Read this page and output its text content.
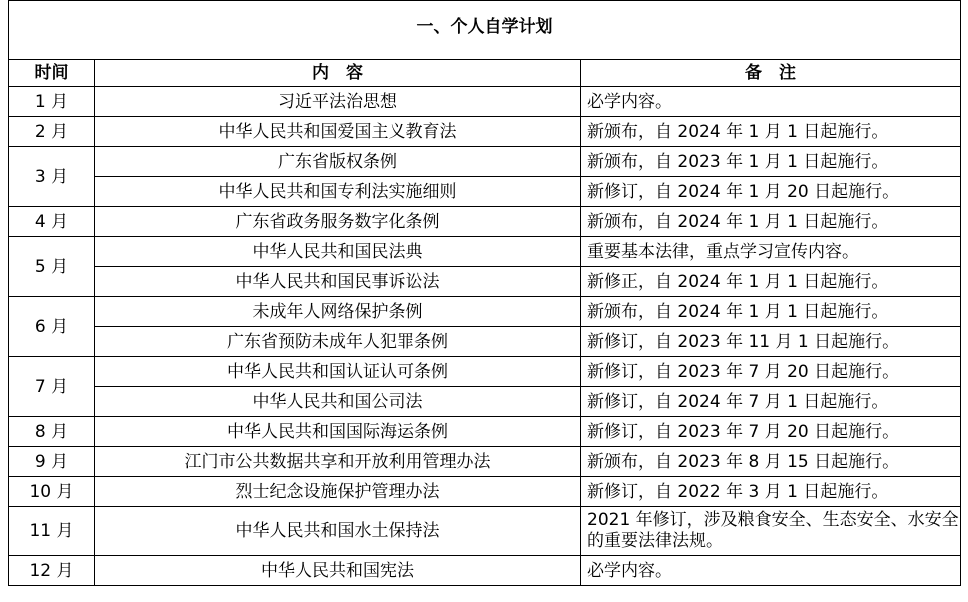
一、个人自学计划		
时间	内　容	备　注
1 月	习近平法治思想	必学内容。
2 月	中华人民共和国爱国主义教育法	新颁布，自 2024 年 1 月 1 日起施行。
3 月	广东省版权条例	新颁布，自 2023 年 1 月 1 日起施行。
	中华人民共和国专利法实施细则	新修订，自 2024 年 1 月 20 日起施行。
4 月	广东省政务服务数字化条例	新颁布，自 2024 年 1 月 1 日起施行。
5 月	中华人民共和国民法典	重要基本法律，重点学习宣传内容。
	中华人民共和国民事诉讼法	新修正，自 2024 年 1 月 1 日起施行。
6 月	未成年人网络保护条例	新颁布，自 2024 年 1 月 1 日起施行。
	广东省预防未成年人犯罪条例	新修订，自 2023 年 11 月 1 日起施行。
7 月	中华人民共和国认证认可条例	新修订，自 2023 年 7 月 20 日起施行。
	中华人民共和国公司法	新修订，自 2024 年 7 月 1 日起施行。
8 月	中华人民共和国国际海运条例	新修订，自 2023 年 7 月 20 日起施行。
9 月	江门市公共数据共享和开放利用管理办法	新颁布，自 2023 年 8 月 15 日起施行。
10 月	烈士纪念设施保护管理办法	新修订，自 2022 年 3 月 1 日起施行。
11 月	中华人民共和国水土保持法	2021 年修订，涉及粮食安全、生态安全、水安全的重要法律法规。
12 月	中华人民共和国宪法	必学内容。
